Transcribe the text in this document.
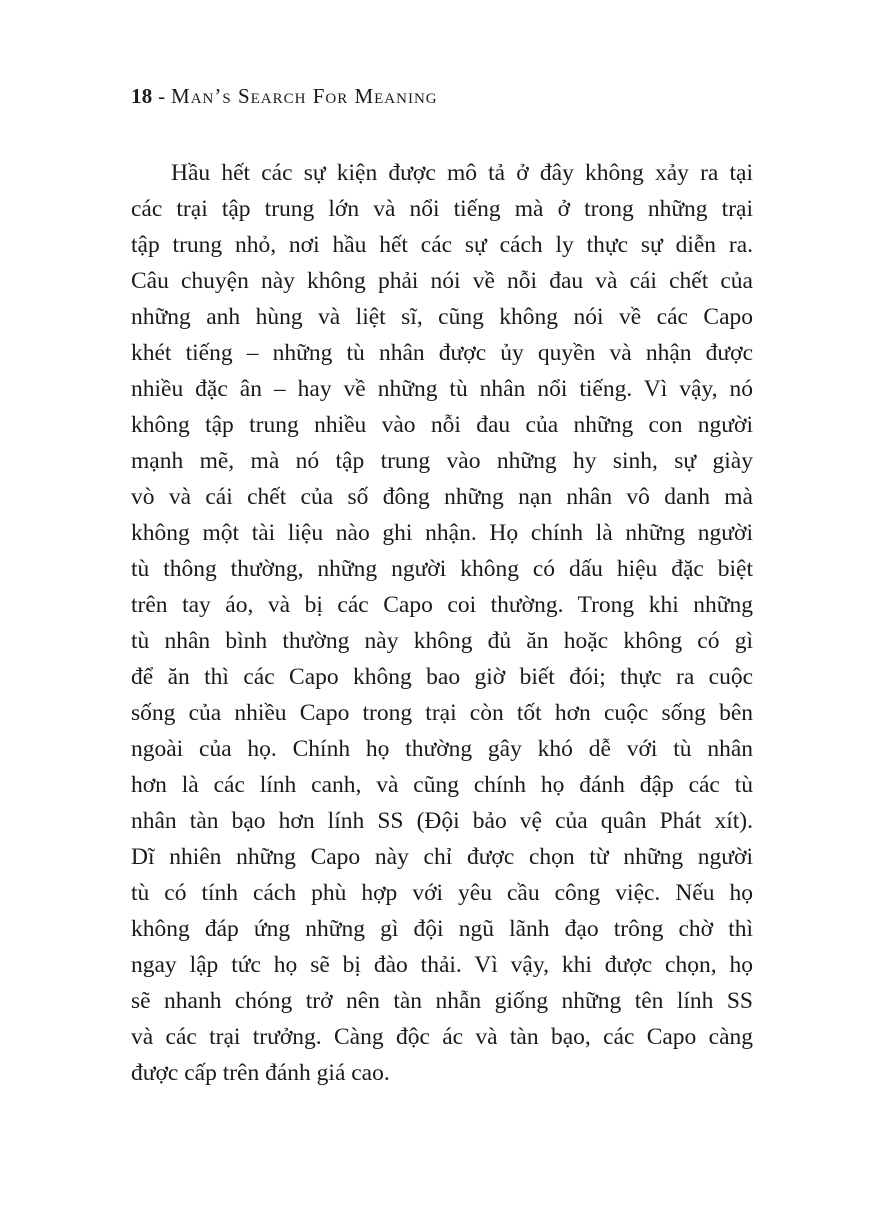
18 - Man’s Search For Meaning
Hầu hết các sự kiện được mô tả ở đây không xảy ra tại
các trại tập trung lớn và nổi tiếng mà ở trong những trại
tập trung nhỏ, nơi hầu hết các sự cách ly thực sự diễn ra.
Câu chuyện này không phải nói về nỗi đau và cái chết của
những anh hùng và liệt sĩ, cũng không nói về các Capo
khét tiếng – những tù nhân được ủy quyền và nhận được
nhiều đặc ân – hay về những tù nhân nổi tiếng. Vì vậy, nó
không tập trung nhiều vào nỗi đau của những con người
mạnh mẽ, mà nó tập trung vào những hy sinh, sự giày
vò và cái chết của số đông những nạn nhân vô danh mà
không một tài liệu nào ghi nhận. Họ chính là những người
tù thông thường, những người không có dấu hiệu đặc biệt
trên tay áo, và bị các Capo coi thường. Trong khi những
tù nhân bình thường này không đủ ăn hoặc không có gì
để ăn thì các Capo không bao giờ biết đói; thực ra cuộc
sống của nhiều Capo trong trại còn tốt hơn cuộc sống bên
ngoài của họ. Chính họ thường gây khó dễ với tù nhân
hơn là các lính canh, và cũng chính họ đánh đập các tù
nhân tàn bạo hơn lính SS (Đội bảo vệ của quân Phát xít).
Dĩ nhiên những Capo này chỉ được chọn từ những người
tù có tính cách phù hợp với yêu cầu công việc. Nếu họ
không đáp ứng những gì đội ngũ lãnh đạo trông chờ thì
ngay lập tức họ sẽ bị đào thải. Vì vậy, khi được chọn, họ
sẽ nhanh chóng trở nên tàn nhẫn giống những tên lính SS
và các trại trưởng. Càng độc ác và tàn bạo, các Capo càng
được cấp trên đánh giá cao.
